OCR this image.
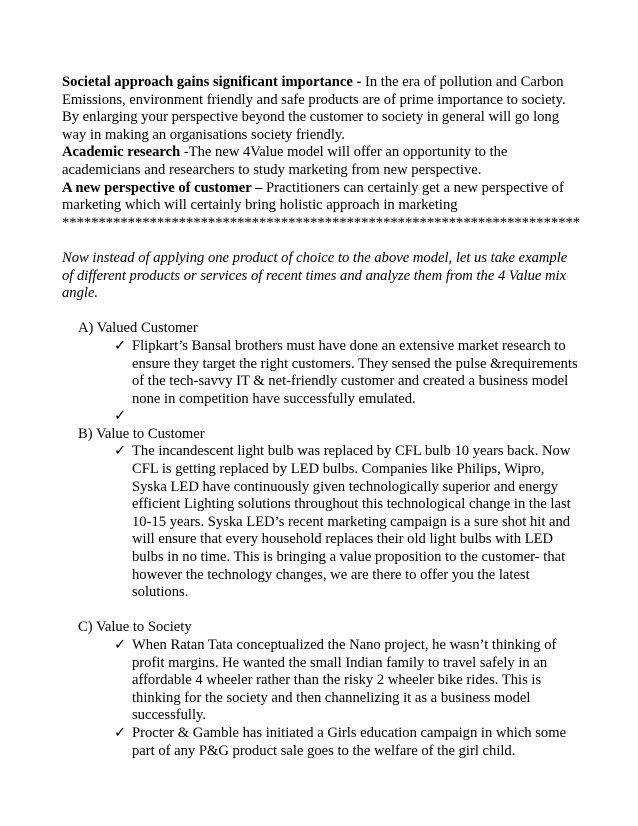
Societal approach gains significant importance - In the era of pollution and Carbon Emissions, environment friendly and safe products are of prime importance to society. By enlarging your perspective beyond the customer to society in general will go long way in making an organisations society friendly.

Academic research -The new 4Value model will offer an opportunity to the academicians and researchers to study marketing from new perspective.

A new perspective of customer – Practitioners can certainly get a new perspective of marketing which will certainly bring holistic approach in marketing

***********************************************************************

Now instead of applying one product of choice to the above model, let us take example of different products or services of recent times and analyze them from the 4 Value mix angle.

A) Valued Customer

✓ Flipkart’s Bansal brothers must have done an extensive market research to ensure they target the right customers. They sensed the pulse &requirements of the tech-savvy IT & net-friendly customer and created a business model none in competition have successfully emulated.
✓

B) Value to Customer

✓ The incandescent light bulb was replaced by CFL bulb 10 years back. Now CFL is getting replaced by LED bulbs. Companies like Philips, Wipro, Syska LED have continuously given technologically superior and energy efficient Lighting solutions throughout this technological change in the last 10-15 years. Syska LED’s recent marketing campaign is a sure shot hit and will ensure that every household replaces their old light bulbs with LED bulbs in no time. This is bringing a value proposition to the customer- that however the technology changes, we are there to offer you the latest solutions.

C) Value to Society

✓ When Ratan Tata conceptualized the Nano project, he wasn’t thinking of profit margins. He wanted the small Indian family to travel safely in an affordable 4 wheeler rather than the risky 2 wheeler bike rides. This is thinking for the society and then channelizing it as a business model successfully.
✓ Procter & Gamble has initiated a Girls education campaign in which some part of any P&G product sale goes to the welfare of the girl child.
